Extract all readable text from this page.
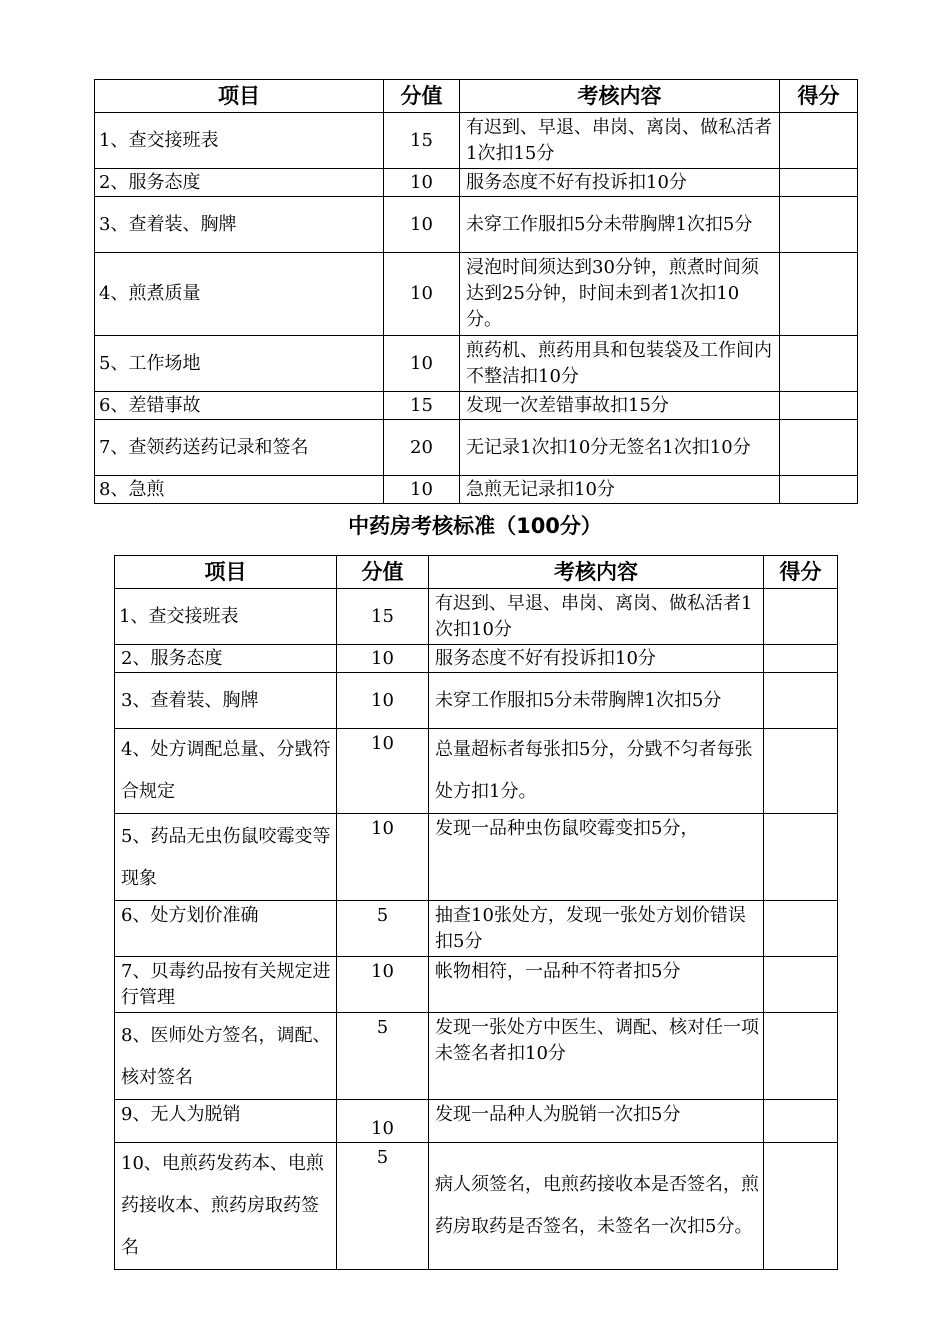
项目	分值	考核内容	得分
1、查交接班表	15	有迟到、早退、串岗、离岗、做私活者1次扣15分	
2、服务态度	10	服务态度不好有投诉扣10分	
3、查着装、胸牌	10	未穿工作服扣5分未带胸牌1次扣5分	
4、煎煮质量	10	浸泡时间须达到30分钟，煎煮时间须达到25分钟，时间未到者1次扣10分。	
5、工作场地	10	煎药机、煎药用具和包装袋及工作间内不整洁扣10分	
6、差错事故	15	发现一次差错事故扣15分	
7、查领药送药记录和签名	20	无记录1次扣10分无签名1次扣10分	
8、急煎	10	急煎无记录扣10分	
中药房考核标准（100分）
项目	分值	考核内容	得分
1、查交接班表	15	有迟到、早退、串岗、离岗、做私活者1次扣10分	
2、服务态度	10	服务态度不好有投诉扣10分	
3、查着装、胸牌	10	未穿工作服扣5分未带胸牌1次扣5分	
4、处方调配总量、分戥符合规定	10	总量超标者每张扣5分，分戥不匀者每张处方扣1分。	
5、药品无虫伤鼠咬霉变等现象	10	发现一品种虫伤鼠咬霉变扣5分，	
6、处方划价准确	5	抽查10张处方，发现一张处方划价错误扣5分	
7、贝毒约品按有关规定进行管理	10	帐物相符，一品种不符者扣5分	
8、医师处方签名，调配、核对签名	5	发现一张处方中医生、调配、核对任一项未签名者扣10分	
9、无人为脱销	10	发现一品种人为脱销一次扣5分	
10、电煎药发药本、电煎药接收本、煎药房取药签名	5	病人须签名，电煎药接收本是否签名，煎药房取药是否签名，未签名一次扣5分。	
